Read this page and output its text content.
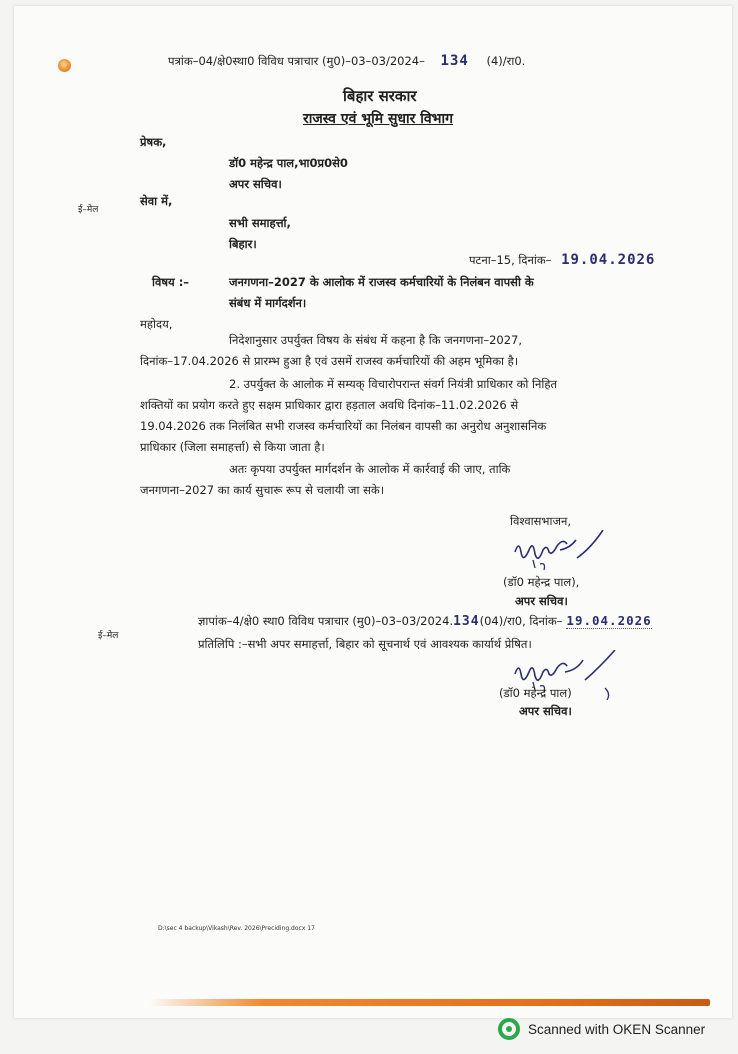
पत्रांक–04/क्षे0स्था0 विविध पत्राचार (मु0)–03–03/2024– 134 (4)/रा0.
बिहार सरकार
राजस्व एवं भूमि सुधार विभाग
प्रेषक,
डॉ0 महेन्द्र पाल,भा0प्र0से0
अपर सचिव।
ई–मेल
सेवा में,
सभी समाहर्त्ता,
बिहार।
पटना–15, दिनांक– 19.04.2026
विषय :–	जनगणना–2027 के आलोक में राजस्व कर्मचारियों के निलंबन वापसी के
संबंध में मार्गदर्शन।
महोदय,
निदेशानुसार उपर्युक्त विषय के संबंध में कहना है कि जनगणना–2027,
दिनांक–17.04.2026 से प्रारम्भ हुआ है एवं उसमें राजस्व कर्मचारियों की अहम भूमिका है।
2. उपर्युक्त के आलोक में सम्यक् विचारोपरान्त संवर्ग नियंत्री प्राधिकार को निहित
शक्तियों का प्रयोग करते हुए सक्षम प्राधिकार द्वारा हड़ताल अवधि दिनांक–11.02.2026 से
19.04.2026 तक निलंबित सभी राजस्व कर्मचारियों का निलंबन वापसी का अनुरोध अनुशासनिक
प्राधिकार (जिला समाहर्त्ता) से किया जाता है।
अतः कृपया उपर्युक्त मार्गदर्शन के आलोक में कार्रवाई की जाए, ताकि
जनगणना–2027 का कार्य सुचारू रूप से चलायी जा सके।
विश्वासभाजन,
(डॉ0 महेन्द्र पाल),
अपर सचिव।
ई–मेल
ज्ञापांक–4/क्षे0 स्था0 विविध पत्राचार (मु0)–03–03/2024.134(04)/रा0, दिनांक– 19.04.2026
प्रतिलिपि :–सभी अपर समाहर्त्ता, बिहार को सूचनार्थ एवं आवश्यक कार्यार्थ प्रेषित।
(डॉ0 महेन्द्र पाल)
अपर सचिव।
D:\sec 4 backup\Vikash\Rev. 2026\Preciding.docx 17
Scanned with OKEN Scanner
